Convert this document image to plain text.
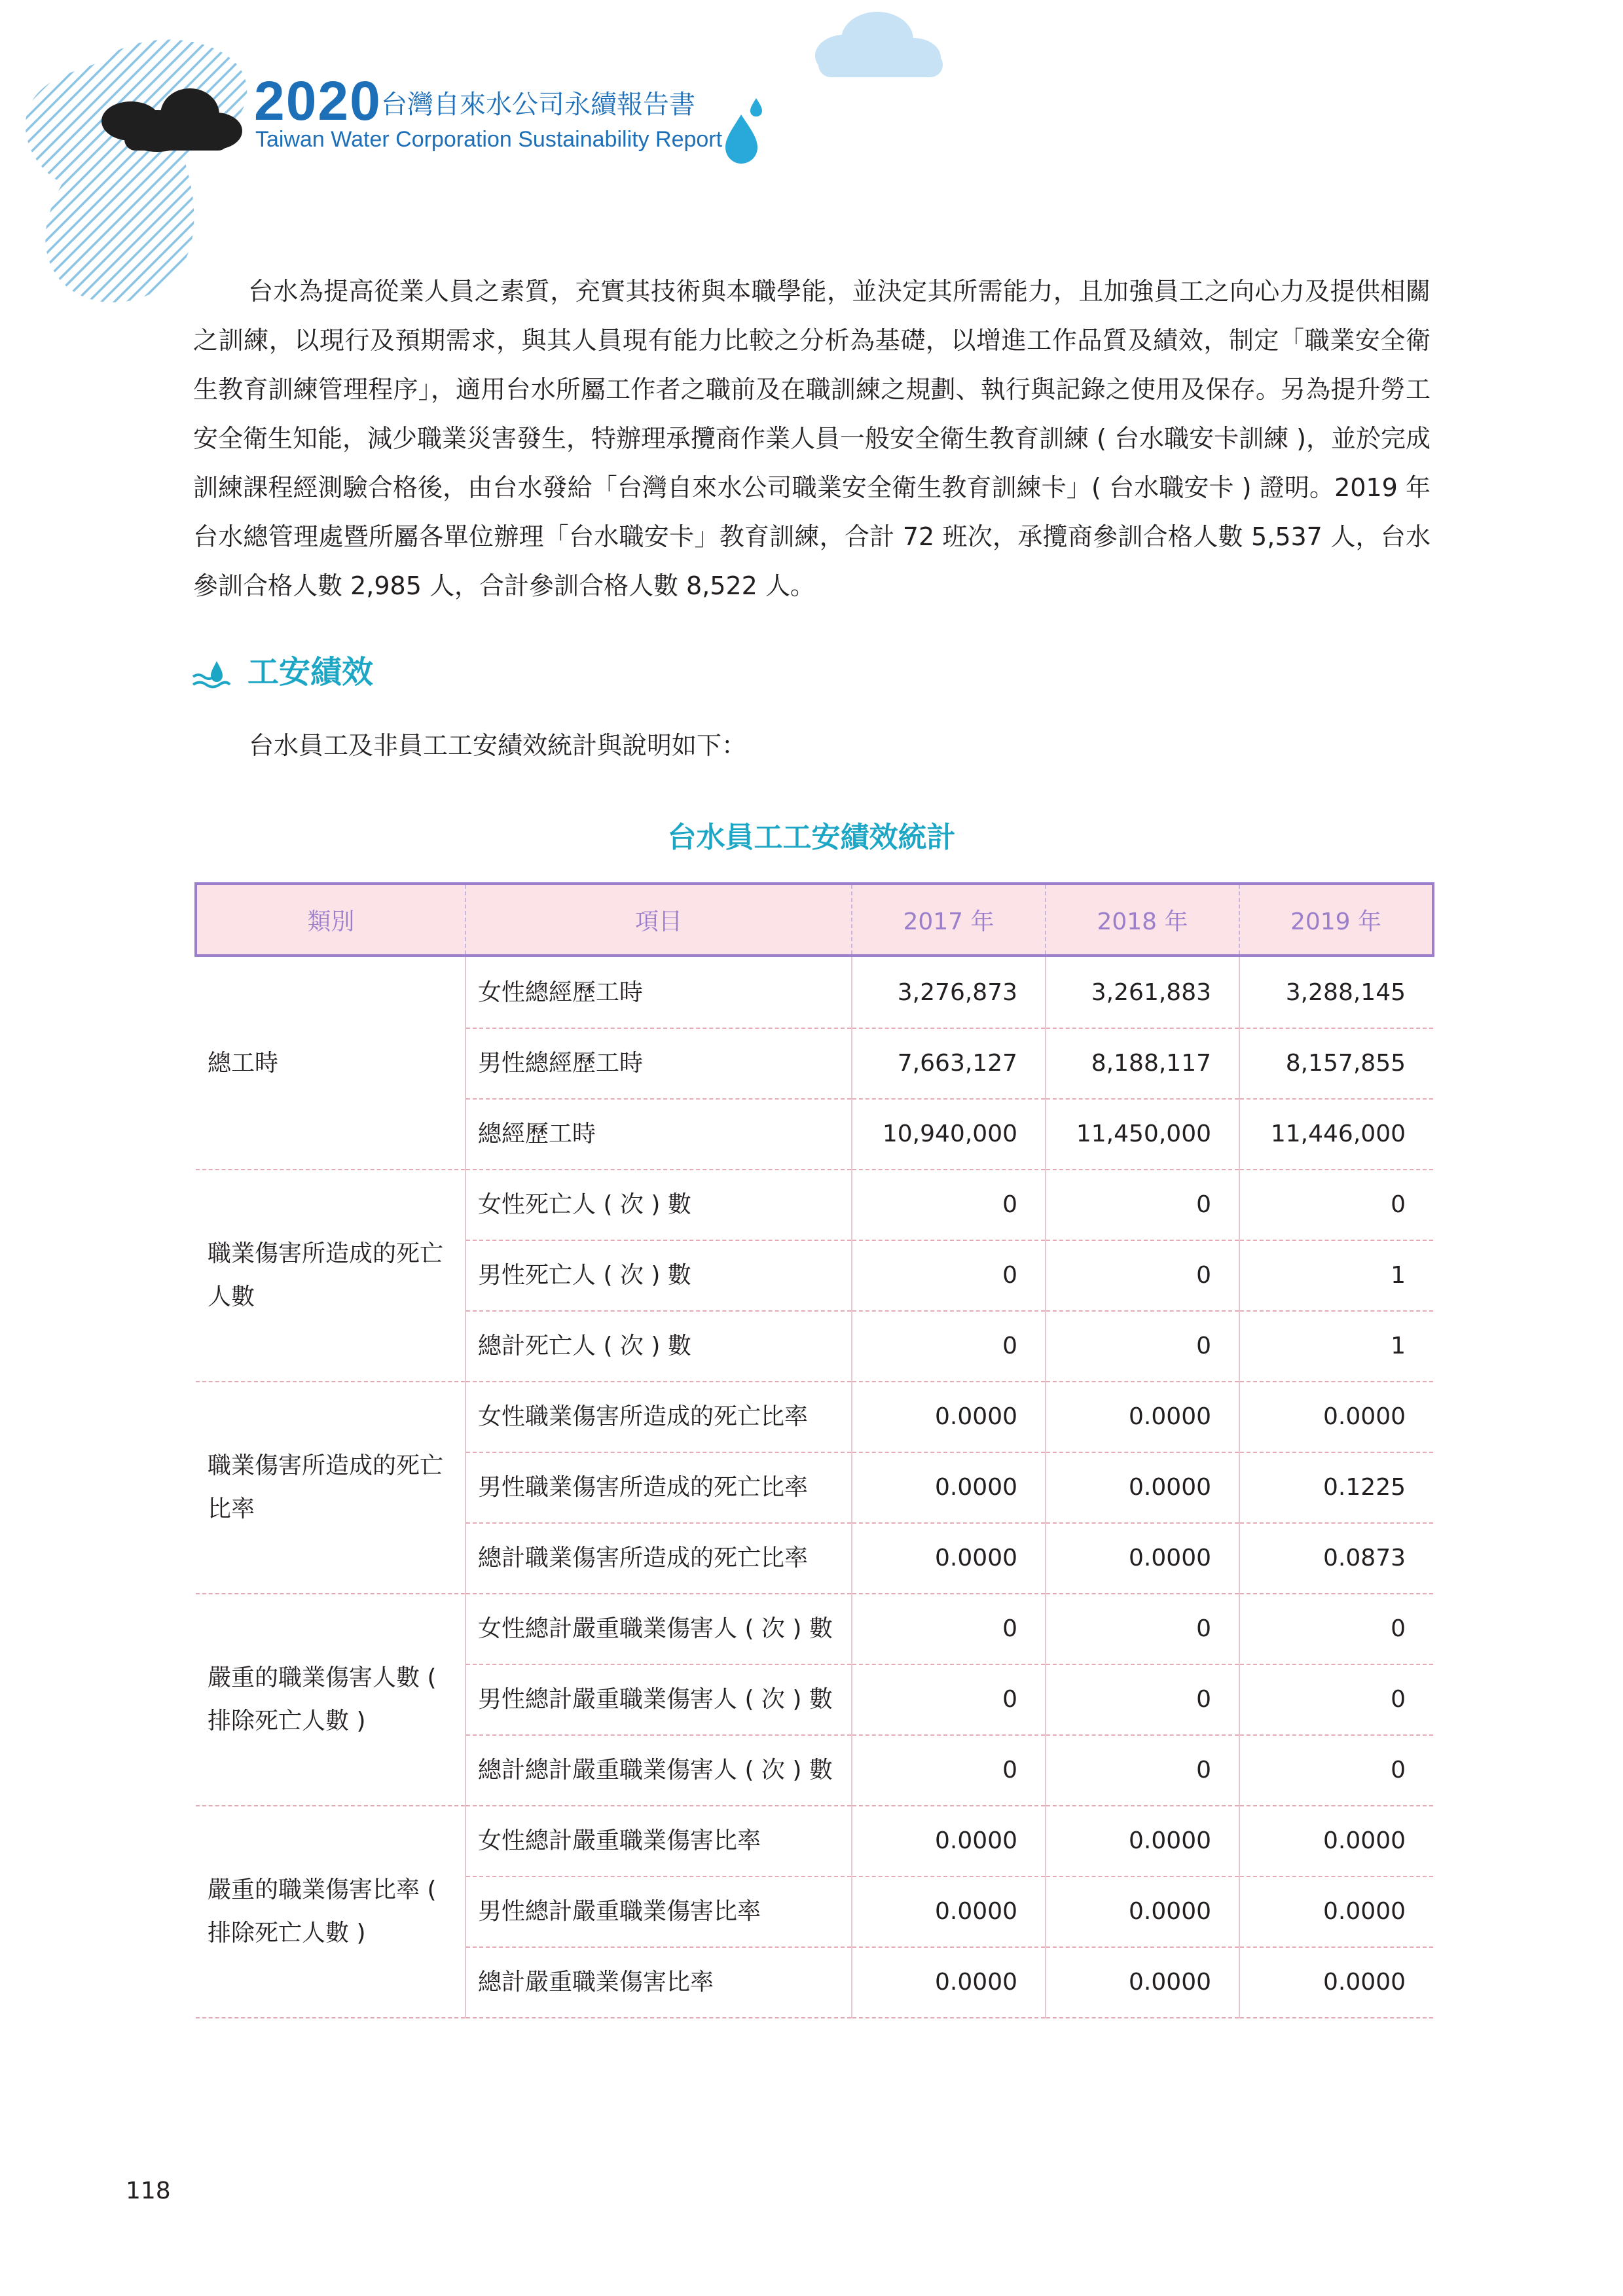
2020 台灣自來水公司永續報告書
Taiwan Water Corporation Sustainability Report

台水為提高從業人員之素質，充實其技術與本職學能，並決定其所需能力，且加強員工之向心力及提供相關之訓練，以現行及預期需求，與其人員現有能力比較之分析為基礎，以增進工作品質及績效，制定「職業安全衛生教育訓練管理程序」，適用台水所屬工作者之職前及在職訓練之規劃、執行與記錄之使用及保存。另為提升勞工安全衛生知能，減少職業災害發生，特辦理承攬商作業人員一般安全衛生教育訓練 ( 台水職安卡訓練 )，並於完成訓練課程經測驗合格後，由台水發給「台灣自來水公司職業安全衛生教育訓練卡」( 台水職安卡 ) 證明。2019 年台水總管理處暨所屬各單位辦理「台水職安卡」教育訓練，合計 72 班次，承攬商參訓合格人數 5,537 人，台水參訓合格人數 2,985 人，合計參訓合格人數 8,522 人。

工安績效
台水員工及非員工工安績效統計與說明如下：
台水員工工安績效統計
類別	項目	2017 年	2018 年	2019 年
總工時	女性總經歷工時	3,276,873	3,261,883	3,288,145
	男性總經歷工時	7,663,127	8,188,117	8,157,855
	總經歷工時	10,940,000	11,450,000	11,446,000
職業傷害所造成的死亡人數	女性死亡人 ( 次 ) 數	0	0	0
	男性死亡人 ( 次 ) 數	0	0	1
	總計死亡人 ( 次 ) 數	0	0	1
職業傷害所造成的死亡比率	女性職業傷害所造成的死亡比率	0.0000	0.0000	0.0000
	男性職業傷害所造成的死亡比率	0.0000	0.0000	0.1225
	總計職業傷害所造成的死亡比率	0.0000	0.0000	0.0873
嚴重的職業傷害人數 ( 排除死亡人數 )	女性總計嚴重職業傷害人 ( 次 ) 數	0	0	0
	男性總計嚴重職業傷害人 ( 次 ) 數	0	0	0
	總計總計嚴重職業傷害人 ( 次 ) 數	0	0	0
嚴重的職業傷害比率 ( 排除死亡人數 )	女性總計嚴重職業傷害比率	0.0000	0.0000	0.0000
	男性總計嚴重職業傷害比率	0.0000	0.0000	0.0000
	總計嚴重職業傷害比率	0.0000	0.0000	0.0000
118
